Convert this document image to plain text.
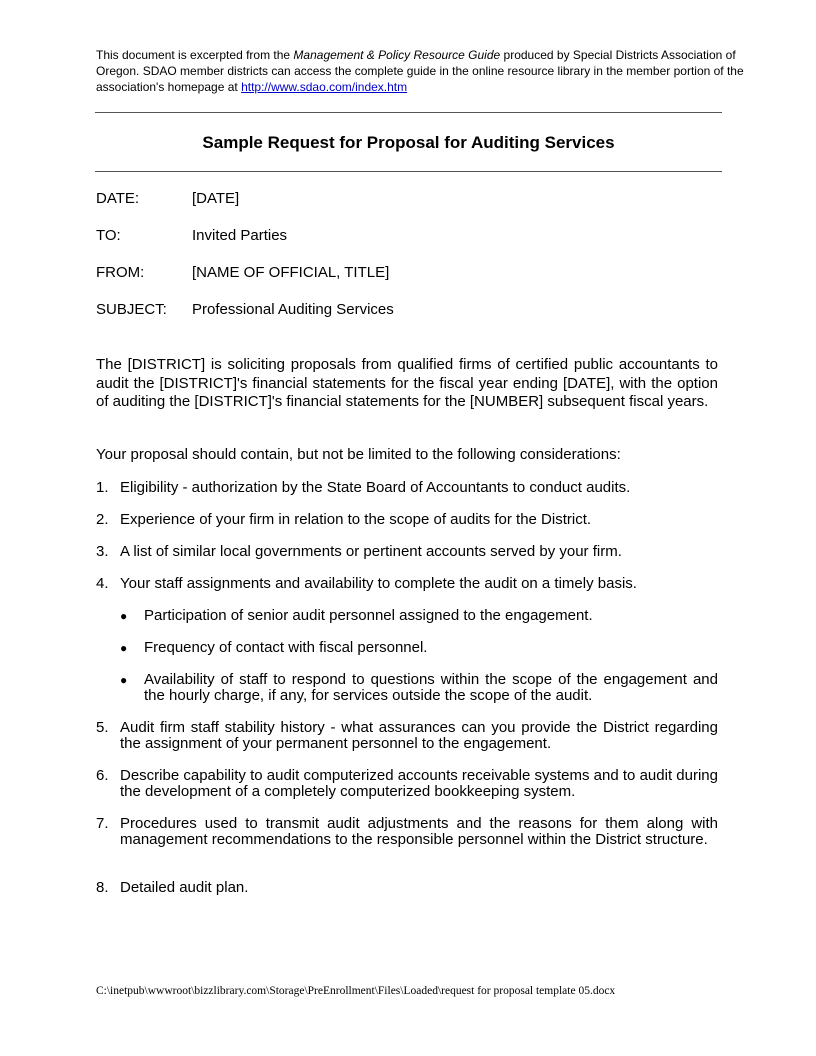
This document is excerpted from the Management & Policy Resource Guide produced by Special Districts Association of Oregon. SDAO member districts can access the complete guide in the online resource library in the member portion of the association's homepage at http://www.sdao.com/index.htm
Sample Request for Proposal for Auditing Services
DATE:	[DATE]
TO:	Invited Parties
FROM:	[NAME OF OFFICIAL, TITLE]
SUBJECT: Professional Auditing Services
The [DISTRICT] is soliciting proposals from qualified firms of certified public accountants to audit the [DISTRICT]'s financial statements for the fiscal year ending [DATE], with the option of auditing the [DISTRICT]'s financial statements for the [NUMBER] subsequent fiscal years.
Your proposal should contain, but not be limited to the following considerations:
1. Eligibility - authorization by the State Board of Accountants to conduct audits.
2. Experience of your firm in relation to the scope of audits for the District.
3. A list of similar local governments or pertinent accounts served by your firm.
4. Your staff assignments and availability to complete the audit on a timely basis.
● Participation of senior audit personnel assigned to the engagement.
● Frequency of contact with fiscal personnel.
● Availability of staff to respond to questions within the scope of the engagement and the hourly charge, if any, for services outside the scope of the audit.
5. Audit firm staff stability history - what assurances can you provide the District regarding the assignment of your permanent personnel to the engagement.
6. Describe capability to audit computerized accounts receivable systems and to audit during the development of a completely computerized bookkeeping system.
7. Procedures used to transmit audit adjustments and the reasons for them along with management recommendations to the responsible personnel within the District structure.
8. Detailed audit plan.
C:\inetpub\wwwroot\bizzlibrary.com\Storage\PreEnrollment\Files\Loaded\request for proposal template 05.docx
